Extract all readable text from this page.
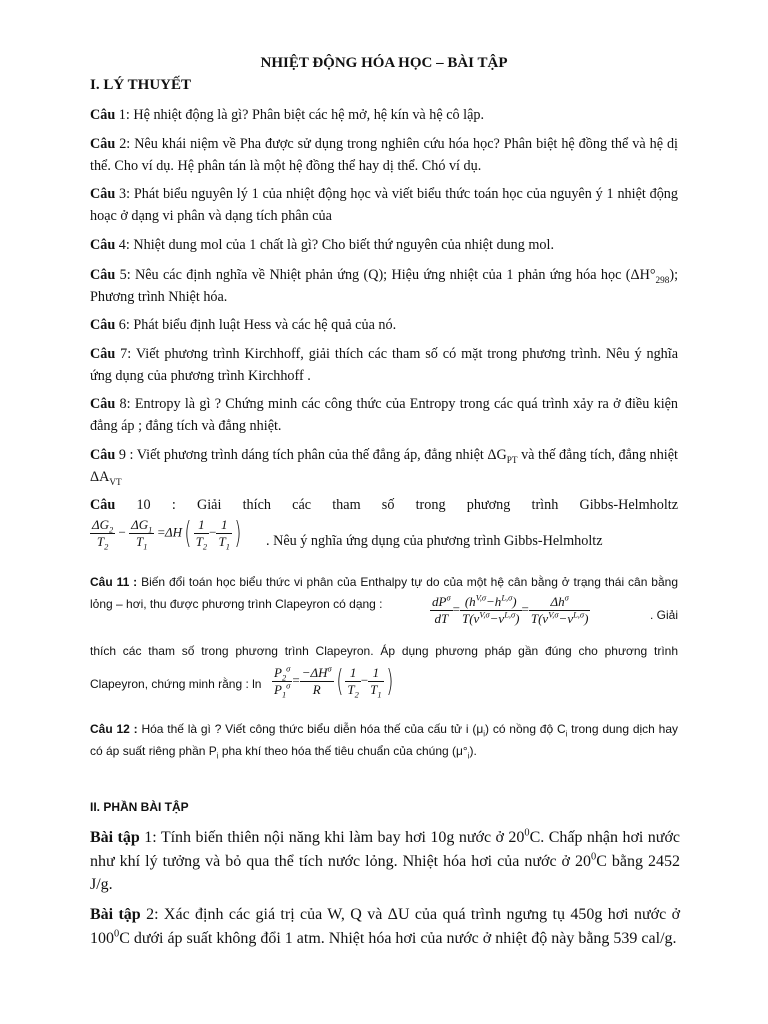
NHIỆT ĐỘNG HÓA HỌC – BÀI TẬP
I. LÝ THUYẾT

Câu 1: Hệ nhiệt động là gì? Phân biệt các hệ mở, hệ kín và hệ cô lập.

Câu 2: Nêu khái niệm về Pha được sử dụng trong nghiên cứu hóa học? Phân biệt hệ đồng thể và hệ dị thể. Cho ví dụ. Hệ phân tán là một hệ đồng thể hay dị thể. Chó ví dụ.

Câu 3: Phát biểu nguyên lý 1 của nhiệt động học và viết biểu thức toán học của nguyên ý 1 nhiệt động hoạc ở dạng vi phân và dạng tích phân của

Câu 4: Nhiệt dung mol của 1 chất là gì? Cho biết thứ nguyên của nhiệt dung mol.

Câu 5: Nêu các định nghĩa về Nhiệt phản ứng (Q); Hiệu ứng nhiệt của 1 phản ứng hóa học $(\Delta H^\circ_{298})$; Phương trình Nhiệt hóa.

Câu 6: Phát biểu định luật Hess và các hệ quả của nó.

Câu 7: Viết phương trình Kirchhoff, giải thích các tham số có mặt trong phương trình. Nêu ý nghĩa ứng dụng của phương trình Kirchhoff .

Câu 8: Entropy là gì ? Chứng minh các công thức của Entropy trong các quá trình xảy ra ở điều kiện đẳng áp ; đẳng tích và đẳng nhiệt.

Câu 9 : Viết phương trình dáng tích phân của thế đẳng áp, đẳng nhiệt $\Delta G_{PT}$ và thế đẳng tích, đẳng nhiệt $\Delta A_{VT}$

Câu 10 : Giải thích các tham số trong phương trình Gibbs-Helmholtz
$\frac{\Delta G_2}{T_2} - \frac{\Delta G_1}{T_1} =\Delta H( \frac{1}{T_2} - \frac{1}{T_1}$ ) . Nêu ý nghĩa ứng dụng của phương trình Gibbs-Helmholtz
Câu 11 : Biến đổi toán học biểu thức vi phân của Enthalpy tự do của một hệ cân bằng ở trạng thái cân bằng lỏng – hơi, thu được phương trình Clapeyron có dạng :	$\frac{dP^\sigma}{dT} = \frac{(h^{V,\sigma}-h^{L,\sigma})}{T(v^{V,\sigma}-v^{L,\sigma})} = \frac{\Delta h^\sigma}{T(v^{V,\sigma}-v^{L,\sigma})}$	. Giải
thích các tham số trong phương trình Clapeyron. Áp dụng phương pháp gần đúng cho phương trình
Clapeyron, chứng minh rằng : $\ln \frac{P_2^\sigma}{P_1^\sigma} = \frac{-\Delta H^\sigma}{R}$ ( $\frac{1}{T_2} - \frac{1}{T_1}$ )
Câu 12 : Hóa thế là gì ? Viết công thức biểu diễn hóa thế của cấu tử i $(\mu_i)$ có nồng độ $C_i$ trong dung dịch hay có áp suất riêng phần $P_i$ pha khí theo hóa thế tiêu chuẩn của chúng $(\mu^\circ_i)$.
II. PHẦN BÀI TẬP

Bài tập 1: Tính biến thiên nội năng khi làm bay hơi 10g nước ở $20^0C$. Chấp nhận hơi nước như khí lý tưởng và bỏ qua thể tích nước lỏng. Nhiệt hóa hơi của nước ở $20^0C$ bằng 2452 J/g.

Bài tập 2: Xác định các giá trị của W, Q và ΔU của quá trình ngưng tụ 450g hơi nước ở $100^0C$ dưới áp suất không đổi 1 atm. Nhiệt hóa hơi của nước ở nhiệt độ này bằng 539 cal/g.
